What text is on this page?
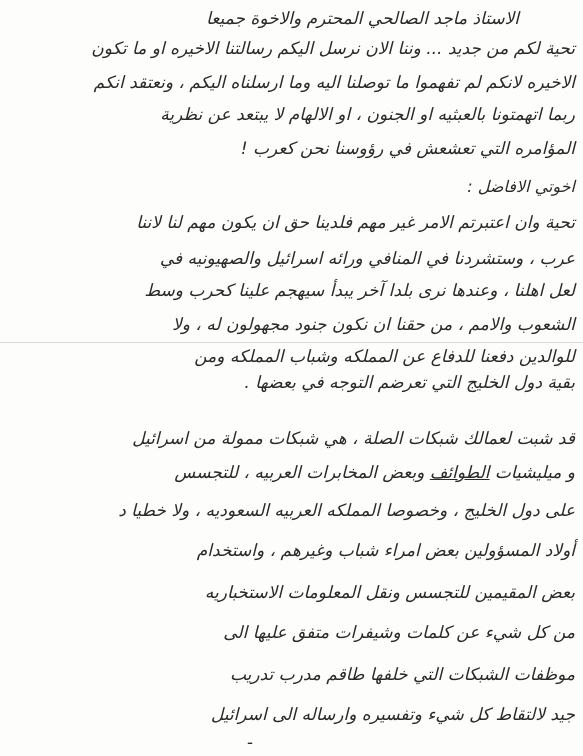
الاستاذ ماجد الصالحي المحترم والاخوة جميعا
تحية لكم من جديد ... وننا الان نرسل اليكم رسالتنا الاخيره او ما تكون
الاخيره لانكم لم تفهموا ما توصلنا اليه وما ارسلناه اليكم ، ونعتقد انكم
ربما اتهمتونا بالعبثيه او الجنون ، او الالهام لا يبتعد عن نظرية
المؤامره التي تعشعش في رؤوسنا نحن كعرب !
اخوتي الافاضل :
تحية وان اعتبرتم الامر غير مهم فلدينا حق ان يكون مهم لنا لاننا
عرب ، وستشردنا في المنافي ورائه اسرائيل والصهيونيه في
لعل اهلنا ، وعندها نرى بلدا آخر يبدأ سيهجم علينا كحرب وسط
الشعوب والامم ، من حقنا ان نكون جنود مجهولون له ، ولا
للوالدين دفعنا للدفاع عن المملكه وشباب المملكه ومن
بقية دول الخليج التي تعرضم التوجه في بعضها .
قد شبت لعمالك شبكات الصلة ، هي شبكات ممولة من اسرائيل
و ميليشيات الطوائف وبعض المخابرات العربيه ، للتجسس
على دول الخليج ، وخصوصا المملكه العربيه السعوديه ، ولا خطيا د
أولاد المسؤولين بعض امراء شباب وغيرهم ، واستخدام
بعض المقيمين للتجسس ونقل المعلومات الاستخباريه
من كل شيء عن كلمات وشيفرات متفق عليها الى
موظفات الشبكات التي خلفها طاقم مدرب تدريب
جيد لالتقاط كل شيء وتفسيره وارساله الى اسرائيل
-
